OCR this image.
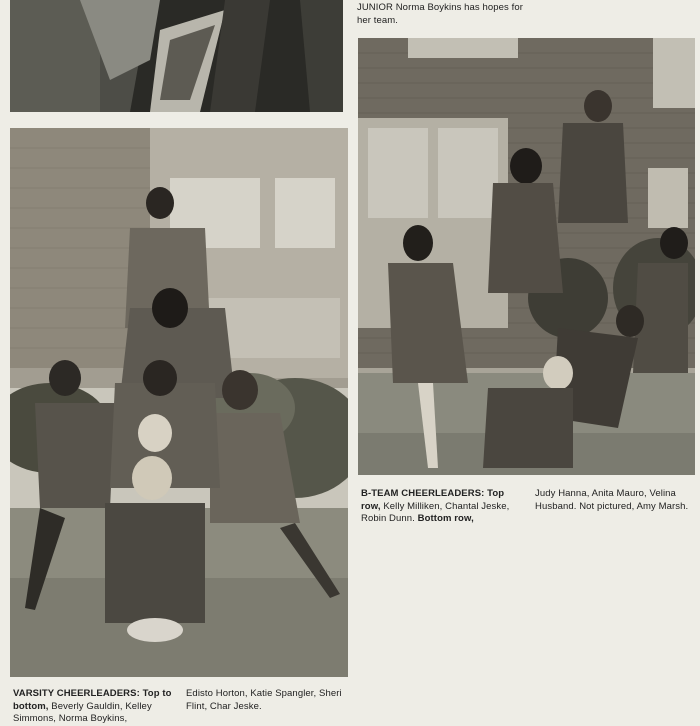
JUNIOR Norma Boykins has hopes for her team.
B-TEAM CHEERLEADERS: Top row, Kelly Milliken, Chantal Jeske, Robin Dunn. Bottom row,
Judy Hanna, Anita Mauro, Velina Husband. Not pictured, Amy Marsh.
VARSITY CHEERLEADERS: Top to bottom, Beverly Gauldin, Kelley Simmons, Norma Boykins,
Edisto Horton, Katie Spangler, Sheri Flint, Char Jeske.
